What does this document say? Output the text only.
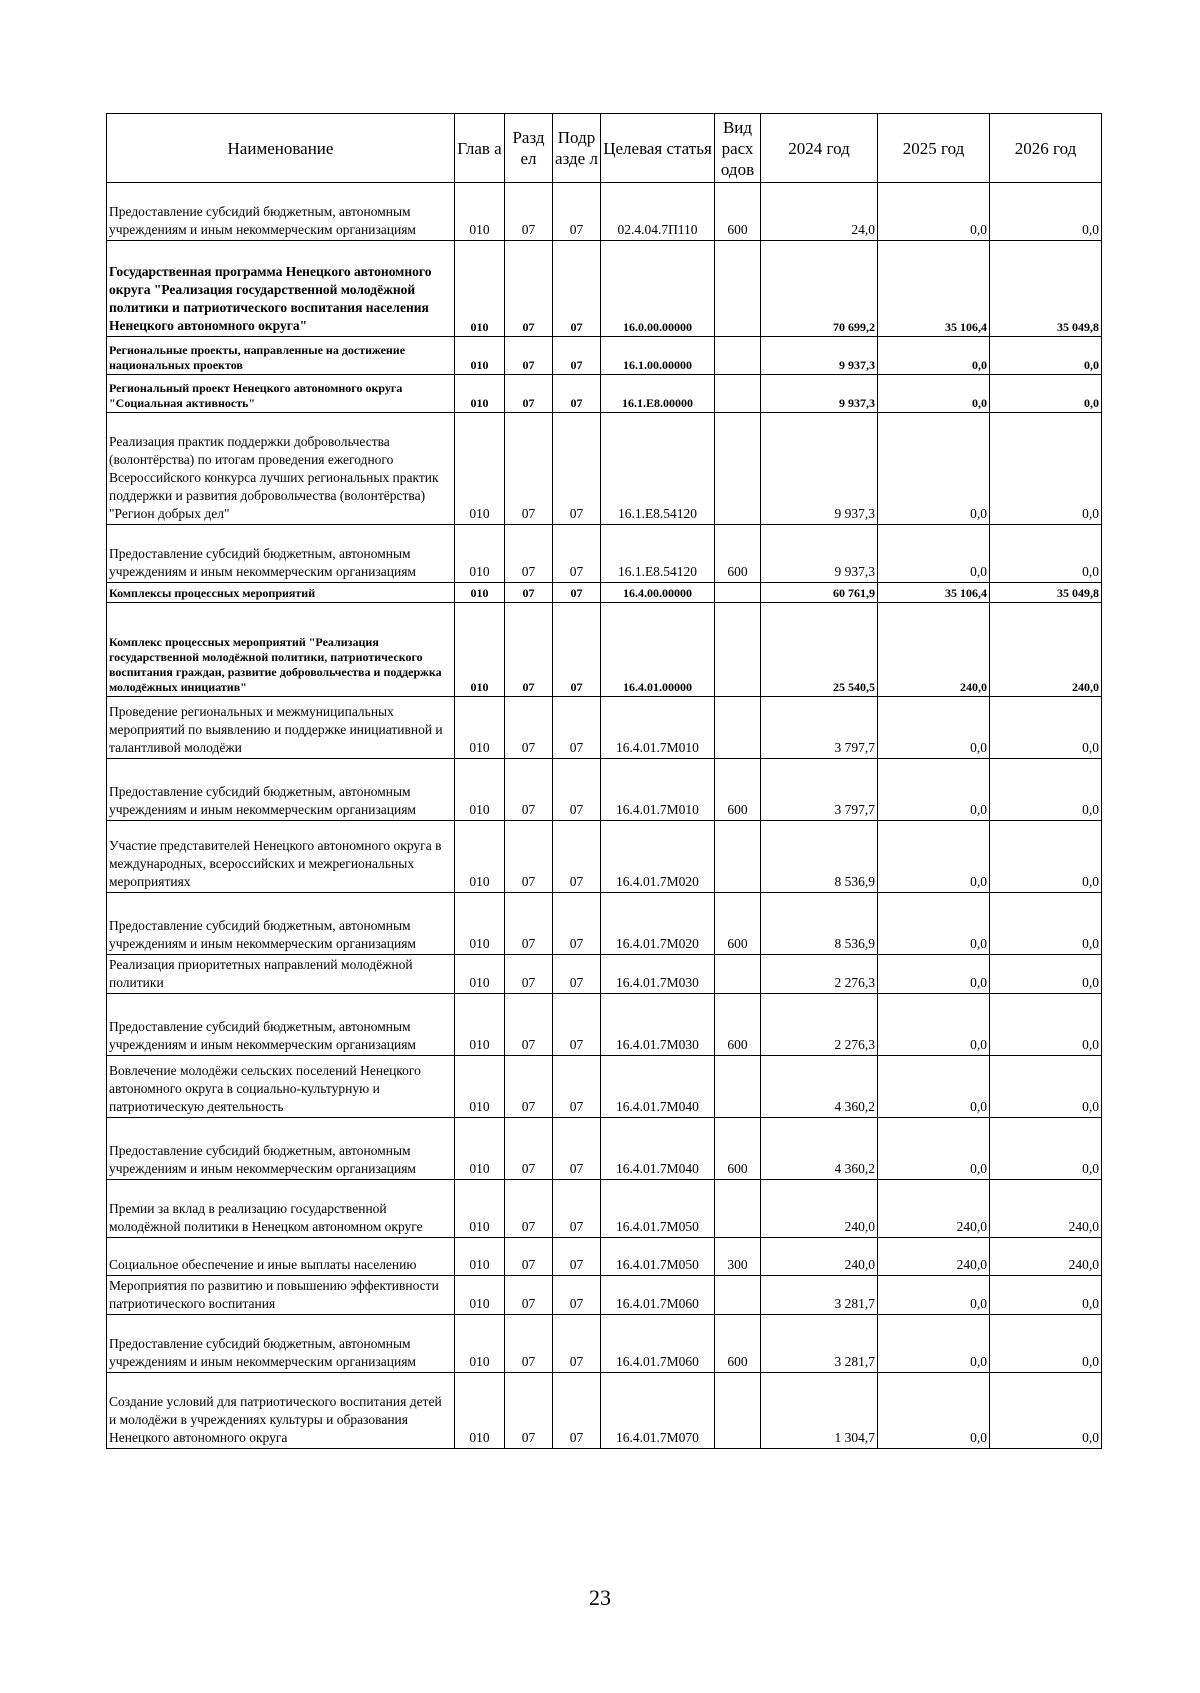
Наименование	Глав а	Разд ел	Подр азде л	Целевая статья	Вид расх одов	2024 год	2025 год	2026 год
Предоставление субсидий бюджетным, автономным учреждениям и иным некоммерческим организациям	010	07	07	02.4.04.7П110	600	24,0	0,0	0,0
Государственная программа Ненецкого автономного округа "Реализация государственной молодёжной политики и патриотического воспитания населения Ненецкого автономного округа"	010	07	07	16.0.00.00000		70 699,2	35 106,4	35 049,8
Региональные проекты, направленные на достижение национальных проектов	010	07	07	16.1.00.00000		9 937,3	0,0	0,0
Региональный проект Ненецкого автономного округа "Социальная активность"	010	07	07	16.1.E8.00000		9 937,3	0,0	0,0
Реализация практик поддержки добровольчества (волонтёрства) по итогам проведения ежегодного Всероссийского конкурса лучших региональных практик поддержки и развития добровольчества (волонтёрства) "Регион добрых дел"	010	07	07	16.1.E8.54120		9 937,3	0,0	0,0
Предоставление субсидий бюджетным, автономным учреждениям и иным некоммерческим организациям	010	07	07	16.1.E8.54120	600	9 937,3	0,0	0,0
Комплексы процессных мероприятий	010	07	07	16.4.00.00000		60 761,9	35 106,4	35 049,8
Комплекс процессных мероприятий "Реализация государственной молодёжной политики, патриотического воспитания граждан, развитие добровольчества и поддержка молодёжных инициатив"	010	07	07	16.4.01.00000		25 540,5	240,0	240,0
Проведение региональных и межмуниципальных мероприятий по выявлению и поддержке инициативной и талантливой молодёжи	010	07	07	16.4.01.7М010		3 797,7	0,0	0,0
Предоставление субсидий бюджетным, автономным учреждениям и иным некоммерческим организациям	010	07	07	16.4.01.7М010	600	3 797,7	0,0	0,0
Участие представителей Ненецкого автономного округа в международных, всероссийских и межрегиональных мероприятиях	010	07	07	16.4.01.7М020		8 536,9	0,0	0,0
Предоставление субсидий бюджетным, автономным учреждениям и иным некоммерческим организациям	010	07	07	16.4.01.7М020	600	8 536,9	0,0	0,0
Реализация приоритетных направлений молодёжной политики	010	07	07	16.4.01.7М030		2 276,3	0,0	0,0
Предоставление субсидий бюджетным, автономным учреждениям и иным некоммерческим организациям	010	07	07	16.4.01.7М030	600	2 276,3	0,0	0,0
Вовлечение молодёжи сельских поселений Ненецкого автономного округа в социально-культурную и патриотическую деятельность	010	07	07	16.4.01.7М040		4 360,2	0,0	0,0
Предоставление субсидий бюджетным, автономным учреждениям и иным некоммерческим организациям	010	07	07	16.4.01.7М040	600	4 360,2	0,0	0,0
Премии за вклад в реализацию государственной молодёжной политики в Ненецком автономном округе	010	07	07	16.4.01.7М050		240,0	240,0	240,0
Социальное обеспечение и иные выплаты населению	010	07	07	16.4.01.7М050	300	240,0	240,0	240,0
Мероприятия по развитию и повышению эффективности патриотического воспитания	010	07	07	16.4.01.7М060		3 281,7	0,0	0,0
Предоставление субсидий бюджетным, автономным учреждениям и иным некоммерческим организациям	010	07	07	16.4.01.7М060	600	3 281,7	0,0	0,0
Создание условий для патриотического воспитания детей и молодёжи в учреждениях культуры и образования Ненецкого автономного округа	010	07	07	16.4.01.7М070		1 304,7	0,0	0,0
23
